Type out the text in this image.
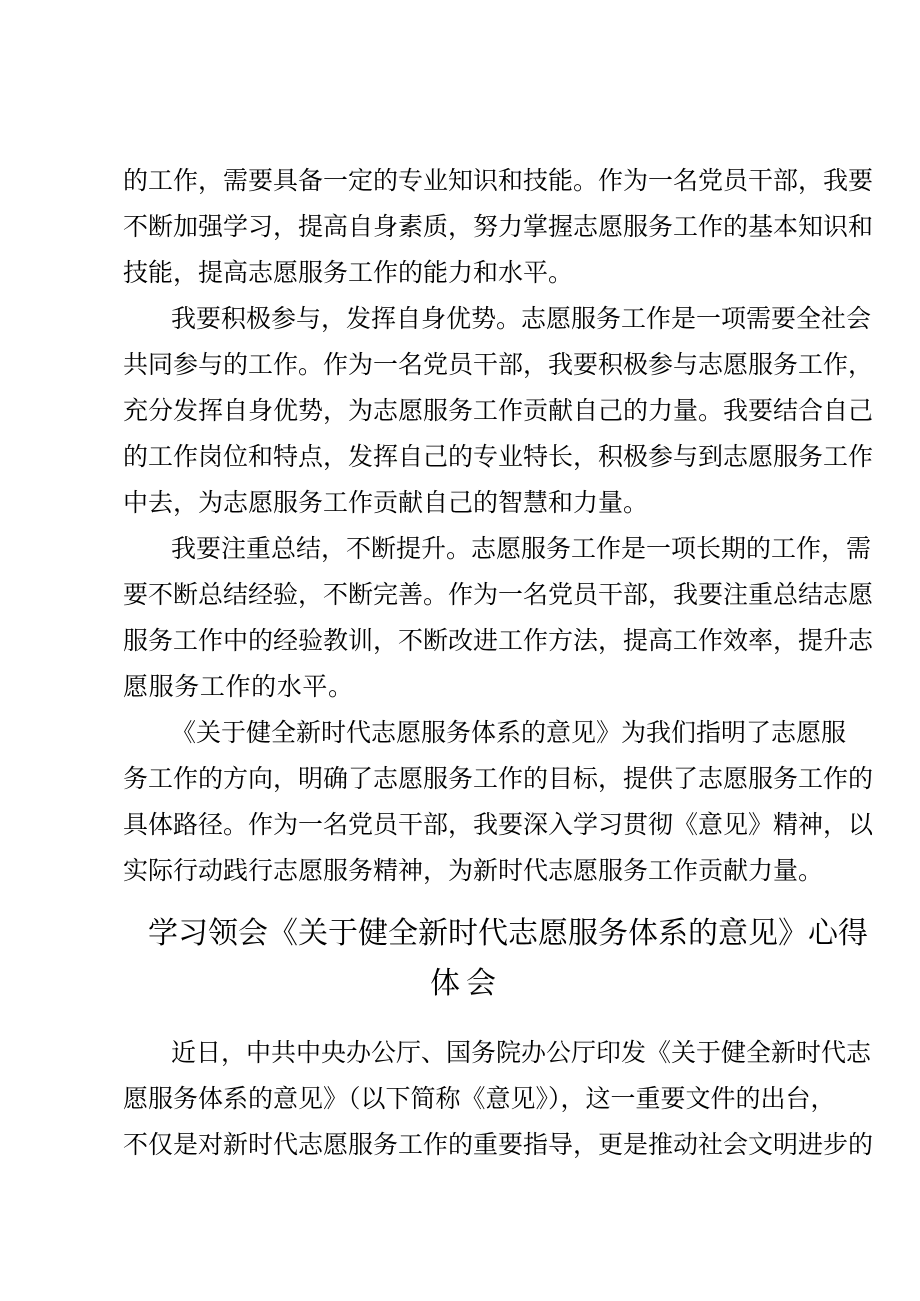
的工作，需要具备一定的专业知识和技能。作为一名党员干部，我要
不断加强学习，提高自身素质，努力掌握志愿服务工作的基本知识和
技能，提高志愿服务工作的能力和水平。
我要积极参与，发挥自身优势。志愿服务工作是一项需要全社会
共同参与的工作。作为一名党员干部，我要积极参与志愿服务工作，
充分发挥自身优势，为志愿服务工作贡献自己的力量。我要结合自己
的工作岗位和特点，发挥自己的专业特长，积极参与到志愿服务工作
中去，为志愿服务工作贡献自己的智慧和力量。
我要注重总结，不断提升。志愿服务工作是一项长期的工作，需
要不断总结经验，不断完善。作为一名党员干部，我要注重总结志愿
服务工作中的经验教训，不断改进工作方法，提高工作效率，提升志
愿服务工作的水平。
《关于健全新时代志愿服务体系的意见》为我们指明了志愿服
务工作的方向，明确了志愿服务工作的目标，提供了志愿服务工作的
具体路径。作为一名党员干部，我要深入学习贯彻《意见》精神，以
实际行动践行志愿服务精神，为新时代志愿服务工作贡献力量。
学习领会《关于健全新时代志愿服务体系的意见》心得
体会
近日，中共中央办公厅、国务院办公厅印发《关于健全新时代志
愿服务体系的意见》（以下简称《意见》），这一重要文件的出台，
不仅是对新时代志愿服务工作的重要指导，更是推动社会文明进步的
